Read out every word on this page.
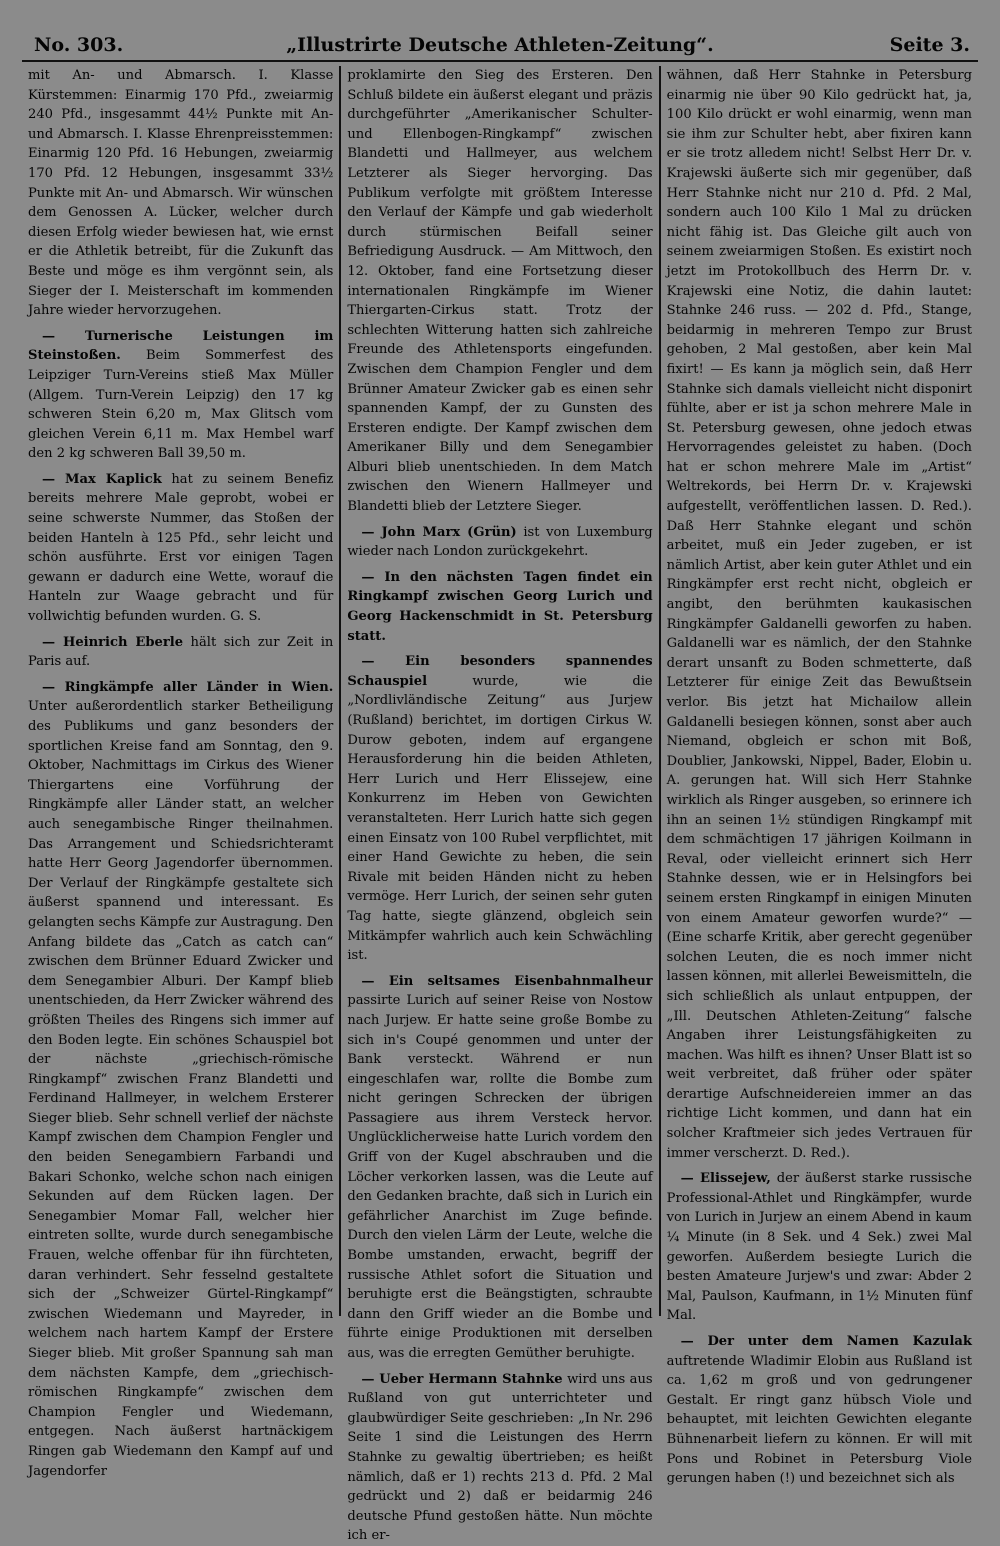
No. 303.	„Illustrirte Deutsche Athleten-Zeitung“.	Seite 3.

mit An- und Abmarsch. I. Klasse Kürstemmen: Einarmig 170 Pfd., zweiarmig 240 Pfd., insgesammt 44½ Punkte mit An- und Abmarsch. I. Klasse Ehrenpreisstemmen: Einarmig 120 Pfd. 16 Hebungen, zweiarmig 170 Pfd. 12 Hebungen, insgesammt 33½ Punkte mit An- und Abmarsch. Wir wünschen dem Genossen A. Lücker, welcher durch diesen Erfolg wieder bewiesen hat, wie ernst er die Athletik betreibt, für die Zukunft das Beste und möge es ihm vergönnt sein, als Sieger der I. Meisterschaft im kommenden Jahre wieder hervorzugehen.

— Turnerische Leistungen im Steinstoßen. Beim Sommerfest des Leipziger Turn-Vereins stieß Max Müller (Allgem. Turn-Verein Leipzig) den 17 kg schweren Stein 6,20 m, Max Glitsch vom gleichen Verein 6,11 m. Max Hembel warf den 2 kg schweren Ball 39,50 m.

— Max Kaplick hat zu seinem Benefiz bereits mehrere Male geprobt, wobei er seine schwerste Nummer, das Stoßen der beiden Hanteln à 125 Pfd., sehr leicht und schön ausführte. Erst vor einigen Tagen gewann er dadurch eine Wette, worauf die Hanteln zur Waage gebracht und für vollwichtig befunden wurden. G. S.

— Heinrich Eberle hält sich zur Zeit in Paris auf.

— Ringkämpfe aller Länder in Wien. Unter außerordentlich starker Betheiligung des Publikums und ganz besonders der sportlichen Kreise fand am Sonntag, den 9. Oktober, Nachmittags im Cirkus des Wiener Thiergartens eine Vorführung der Ringkämpfe aller Länder statt, an welcher auch senegambische Ringer theilnahmen. Das Arrangement und Schiedsrichteramt hatte Herr Georg Jagendorfer übernommen. Der Verlauf der Ringkämpfe gestaltete sich äußerst spannend und interessant. Es gelangten sechs Kämpfe zur Austragung. Den Anfang bildete das „Catch as catch can“ zwischen dem Brünner Eduard Zwicker und dem Senegambier Alburi. Der Kampf blieb unentschieden, da Herr Zwicker während des größten Theiles des Ringens sich immer auf den Boden legte. Ein schönes Schauspiel bot der nächste „griechisch-römische Ringkampf“ zwischen Franz Blandetti und Ferdinand Hallmeyer, in welchem Ersterer Sieger blieb. Sehr schnell verlief der nächste Kampf zwischen dem Champion Fengler und den beiden Senegambiern Farbandi und Bakari Schonko, welche schon nach einigen Sekunden auf dem Rücken lagen. Der Senegambier Momar Fall, welcher hier eintreten sollte, wurde durch senegambische Frauen, welche offenbar für ihn fürchteten, daran verhindert. Sehr fesselnd gestaltete sich der „Schweizer Gürtel-Ringkampf“ zwischen Wiedemann und Mayreder, in welchem nach hartem Kampf der Erstere Sieger blieb. Mit großer Spannung sah man dem nächsten Kampfe, dem „griechisch-römischen Ringkampfe“ zwischen dem Champion Fengler und Wiedemann, entgegen. Nach äußerst hartnäckigem Ringen gab Wiedemann den Kampf auf und Jagendorfer

proklamirte den Sieg des Ersteren. Den Schluß bildete ein äußerst elegant und präzis durchgeführter „Amerikanischer Schulter- und Ellenbogen-Ringkampf“ zwischen Blandetti und Hallmeyer, aus welchem Letzterer als Sieger hervorging. Das Publikum verfolgte mit größtem Interesse den Verlauf der Kämpfe und gab wiederholt durch stürmischen Beifall seiner Befriedigung Ausdruck. — Am Mittwoch, den 12. Oktober, fand eine Fortsetzung dieser internationalen Ringkämpfe im Wiener Thiergarten-Cirkus statt. Trotz der schlechten Witterung hatten sich zahlreiche Freunde des Athletensports eingefunden. Zwischen dem Champion Fengler und dem Brünner Amateur Zwicker gab es einen sehr spannenden Kampf, der zu Gunsten des Ersteren endigte. Der Kampf zwischen dem Amerikaner Billy und dem Senegambier Alburi blieb unentschieden. In dem Match zwischen den Wienern Hallmeyer und Blandetti blieb der Letztere Sieger.

— John Marx (Grün) ist von Luxemburg wieder nach London zurückgekehrt.

— In den nächsten Tagen findet ein Ringkampf zwischen Georg Lurich und Georg Hackenschmidt in St. Petersburg statt.

— Ein besonders spannendes Schauspiel wurde, wie die „Nordlivländische Zeitung“ aus Jurjew (Rußland) berichtet, im dortigen Cirkus W. Durow geboten, indem auf ergangene Herausforderung hin die beiden Athleten, Herr Lurich und Herr Elissejew, eine Konkurrenz im Heben von Gewichten veranstalteten. Herr Lurich hatte sich gegen einen Einsatz von 100 Rubel verpflichtet, mit einer Hand Gewichte zu heben, die sein Rivale mit beiden Händen nicht zu heben vermöge. Herr Lurich, der seinen sehr guten Tag hatte, siegte glänzend, obgleich sein Mitkämpfer wahrlich auch kein Schwächling ist.

— Ein seltsames Eisenbahnmalheur passirte Lurich auf seiner Reise von Nostow nach Jurjew. Er hatte seine große Bombe zu sich in's Coupé genommen und unter der Bank versteckt. Während er nun eingeschlafen war, rollte die Bombe zum nicht geringen Schrecken der übrigen Passagiere aus ihrem Versteck hervor. Unglücklicherweise hatte Lurich vordem den Griff von der Kugel abschrauben und die Löcher verkorken lassen, was die Leute auf den Gedanken brachte, daß sich in Lurich ein gefährlicher Anarchist im Zuge befinde. Durch den vielen Lärm der Leute, welche die Bombe umstanden, erwacht, begriff der russische Athlet sofort die Situation und beruhigte erst die Beängstigten, schraubte dann den Griff wieder an die Bombe und führte einige Produktionen mit derselben aus, was die erregten Gemüther beruhigte.

— Ueber Hermann Stahnke wird uns aus Rußland von gut unterrichteter und glaubwürdiger Seite geschrieben: „In Nr. 296 Seite 1 sind die Leistungen des Herrn Stahnke zu gewaltig übertrieben; es heißt nämlich, daß er 1) rechts 213 d. Pfd. 2 Mal gedrückt und 2) daß er beidarmig 246 deutsche Pfund gestoßen hätte. Nun möchte ich er-

wähnen, daß Herr Stahnke in Petersburg einarmig nie über 90 Kilo gedrückt hat, ja, 100 Kilo drückt er wohl einarmig, wenn man sie ihm zur Schulter hebt, aber fixiren kann er sie trotz alledem nicht! Selbst Herr Dr. v. Krajewski äußerte sich mir gegenüber, daß Herr Stahnke nicht nur 210 d. Pfd. 2 Mal, sondern auch 100 Kilo 1 Mal zu drücken nicht fähig ist. Das Gleiche gilt auch von seinem zweiarmigen Stoßen. Es existirt noch jetzt im Protokollbuch des Herrn Dr. v. Krajewski eine Notiz, die dahin lautet: Stahnke 246 russ. — 202 d. Pfd., Stange, beidarmig in mehreren Tempo zur Brust gehoben, 2 Mal gestoßen, aber kein Mal fixirt! — Es kann ja möglich sein, daß Herr Stahnke sich damals vielleicht nicht disponirt fühlte, aber er ist ja schon mehrere Male in St. Petersburg gewesen, ohne jedoch etwas Hervorragendes geleistet zu haben. (Doch hat er schon mehrere Male im „Artist“ Weltrekords, bei Herrn Dr. v. Krajewski aufgestellt, veröffentlichen lassen. D. Red.). Daß Herr Stahnke elegant und schön arbeitet, muß ein Jeder zugeben, er ist nämlich Artist, aber kein guter Athlet und ein Ringkämpfer erst recht nicht, obgleich er angibt, den berühmten kaukasischen Ringkämpfer Galdanelli geworfen zu haben. Galdanelli war es nämlich, der den Stahnke derart unsanft zu Boden schmetterte, daß Letzterer für einige Zeit das Bewußtsein verlor. Bis jetzt hat Michailow allein Galdanelli besiegen können, sonst aber auch Niemand, obgleich er schon mit Boß, Doublier, Jankowski, Nippel, Bader, Elobin u. A. gerungen hat. Will sich Herr Stahnke wirklich als Ringer ausgeben, so erinnere ich ihn an seinen 1½ stündigen Ringkampf mit dem schmächtigen 17 jährigen Koilmann in Reval, oder vielleicht erinnert sich Herr Stahnke dessen, wie er in Helsingfors bei seinem ersten Ringkampf in einigen Minuten von einem Amateur geworfen wurde?“ — (Eine scharfe Kritik, aber gerecht gegenüber solchen Leuten, die es noch immer nicht lassen können, mit allerlei Beweismitteln, die sich schließlich als unlaut entpuppen, der „Ill. Deutschen Athleten-Zeitung“ falsche Angaben ihrer Leistungsfähigkeiten zu machen. Was hilft es ihnen? Unser Blatt ist so weit verbreitet, daß früher oder später derartige Aufschneidereien immer an das richtige Licht kommen, und dann hat ein solcher Kraftmeier sich jedes Vertrauen für immer verscherzt. D. Red.).

— Elissejew, der äußerst starke russische Professional-Athlet und Ringkämpfer, wurde von Lurich in Jurjew an einem Abend in kaum ¼ Minute (in 8 Sek. und 4 Sek.) zwei Mal geworfen. Außerdem besiegte Lurich die besten Amateure Jurjew's und zwar: Abder 2 Mal, Paulson, Kaufmann, in 1½ Minuten fünf Mal.

— Der unter dem Namen Kazulak auftretende Wladimir Elobin aus Rußland ist ca. 1,62 m groß und von gedrungener Gestalt. Er ringt ganz hübsch Viole und behauptet, mit leichten Gewichten elegante Bühnenarbeit liefern zu können. Er will mit Pons und Robinet in Petersburg Viole gerungen haben (!) und bezeichnet sich als
